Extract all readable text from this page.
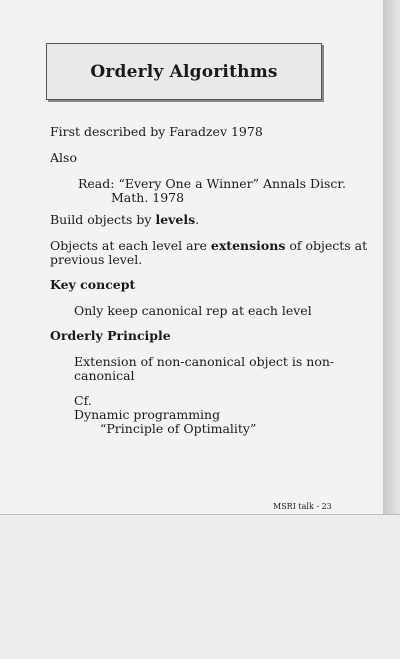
Orderly Algorithms

First described by Faradzev 1978

Also

Read: “Every One a Winner” Annals Discr.

Math. 1978

Build objects by levels.

Objects at each level are extensions of objects at

previous level.

Key concept

Only keep canonical rep at each level

Orderly Principle

Extension of non-canonical object is non-

canonical

Cf.

Dynamic programming

“Principle of Optimality”

MSRI talk - 23
